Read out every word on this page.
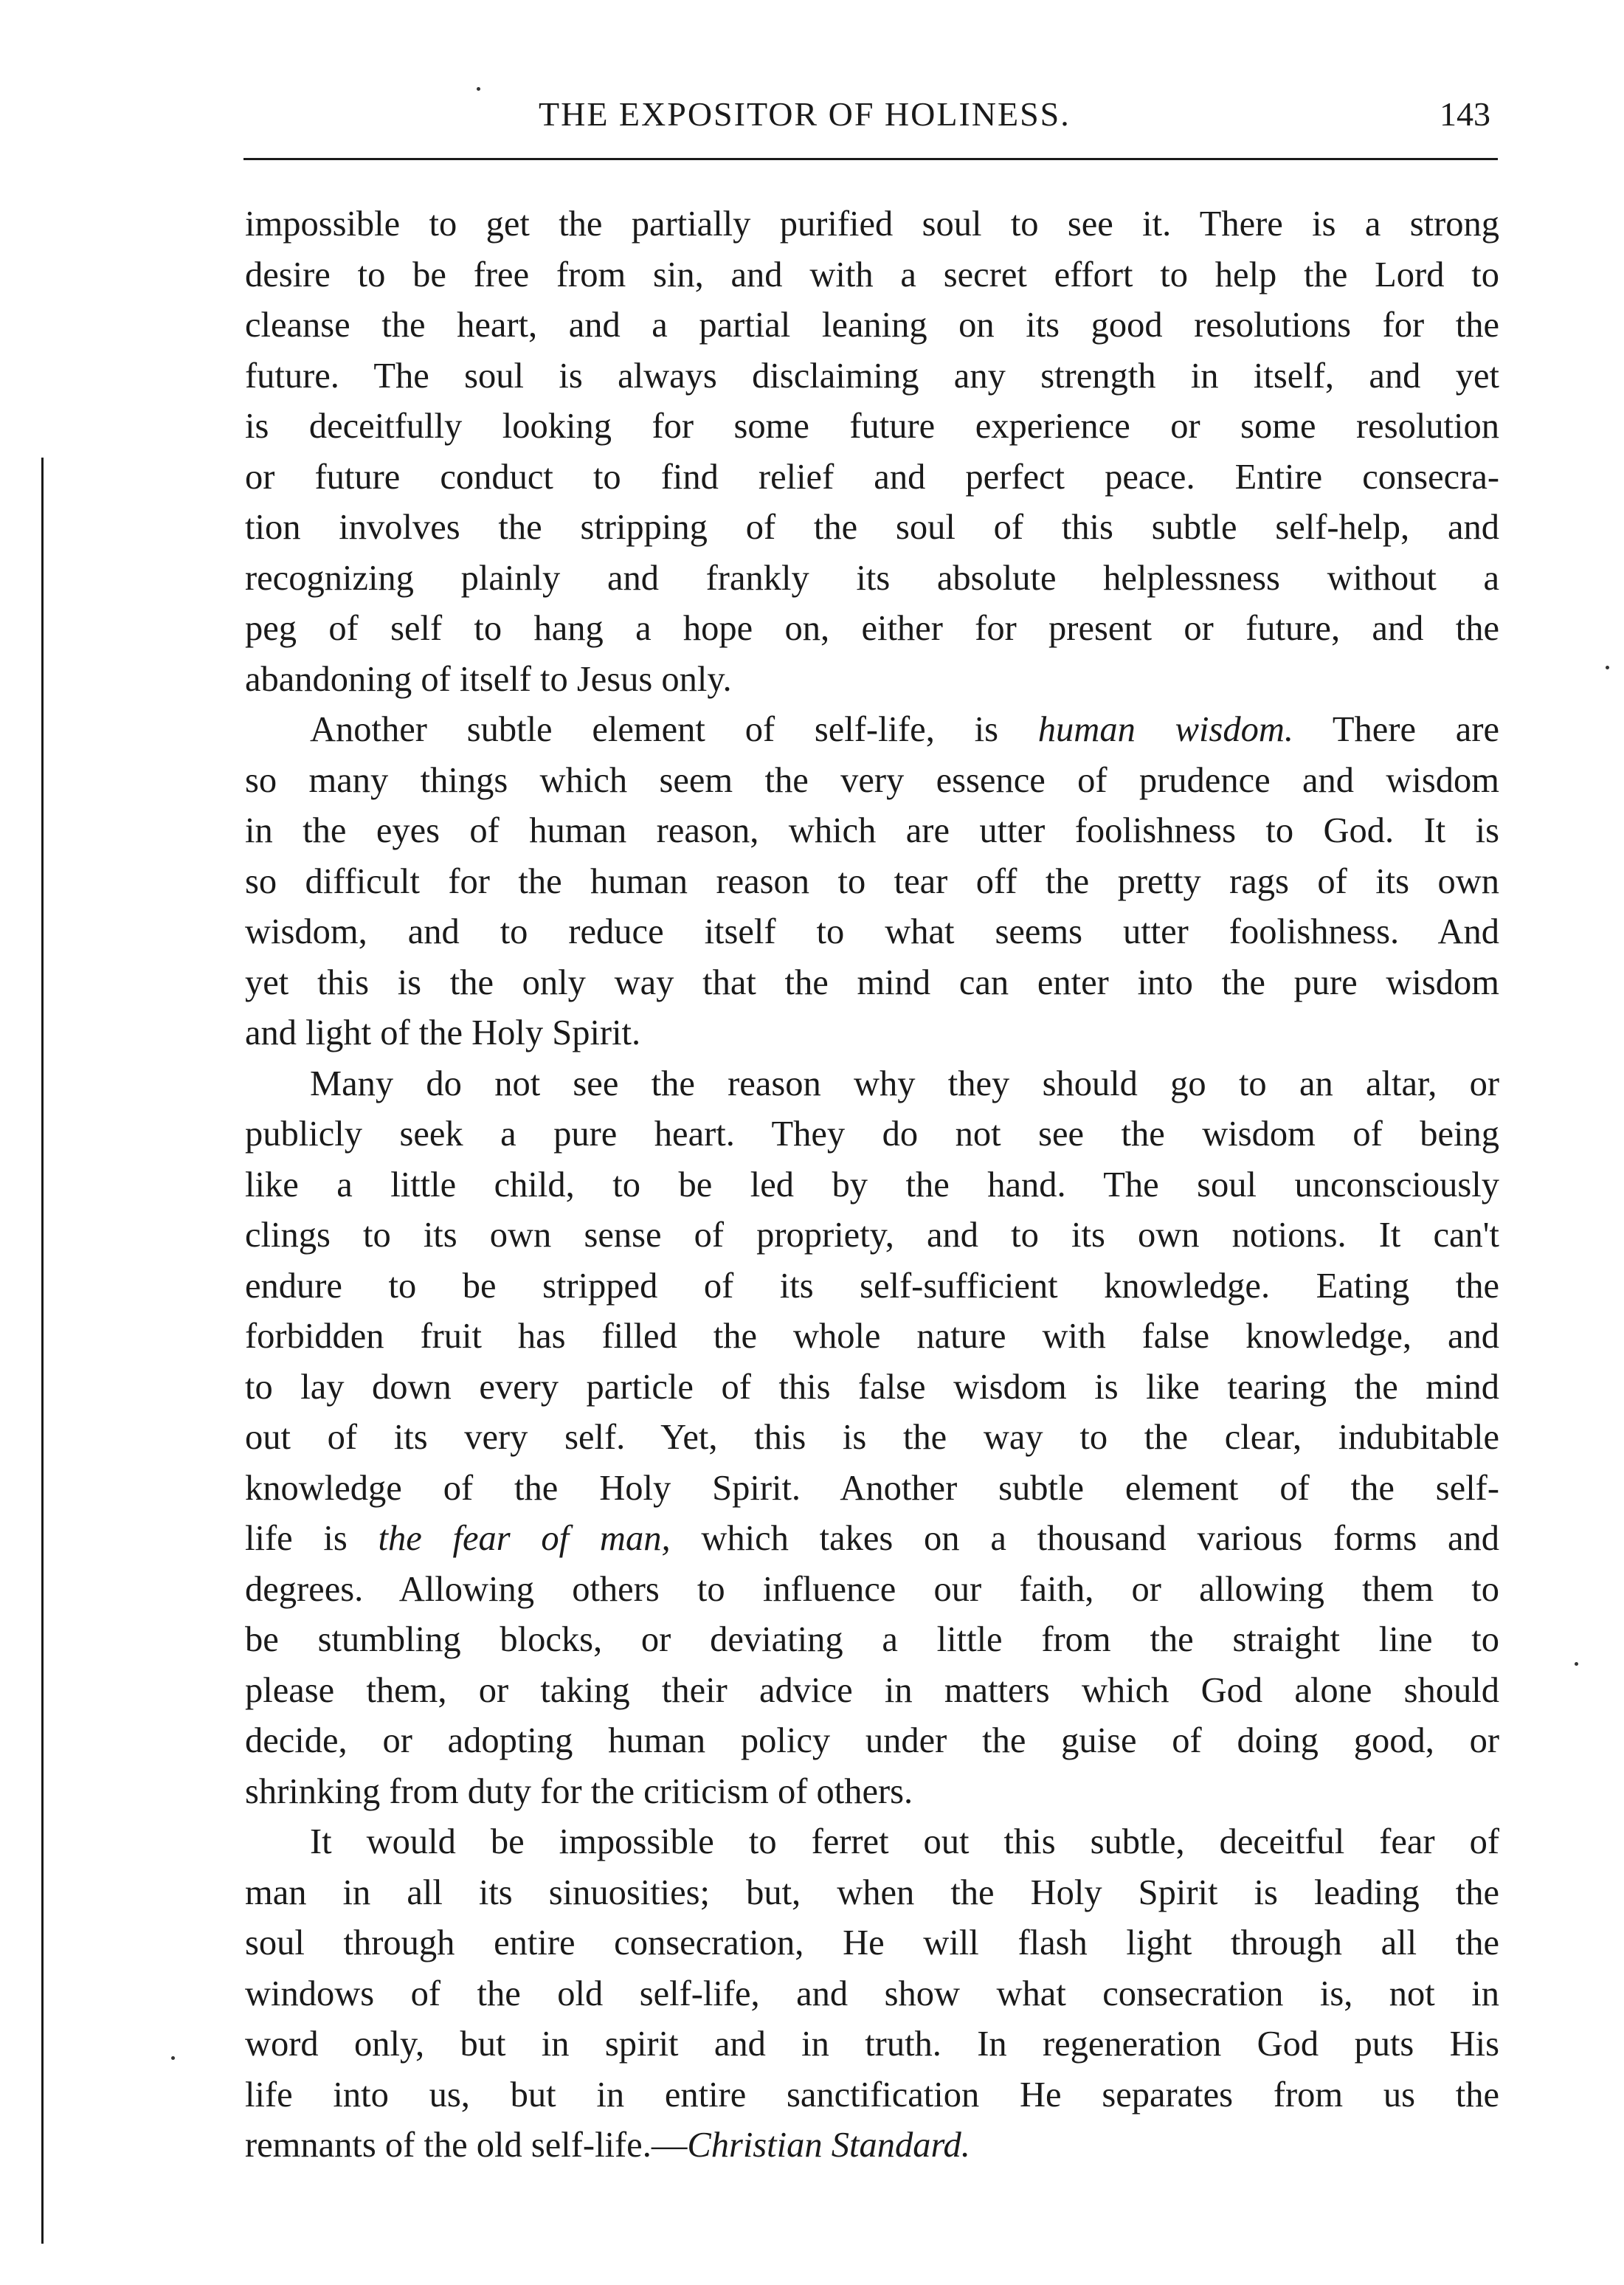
THE EXPOSITOR OF HOLINESS.	143

impossible to get the partially purified soul to see it. There is a strong
desire to be free from sin, and with a secret effort to help the Lord to
cleanse the heart, and a partial leaning on its good resolutions for the
future. The soul is always disclaiming any strength in itself, and yet
is deceitfully looking for some future experience or some resolution
or future conduct to find relief and perfect peace. Entire consecra-
tion involves the stripping of the soul of this subtle self-help, and
recognizing plainly and frankly its absolute helplessness without a
peg of self to hang a hope on, either for present or future, and the
abandoning of itself to Jesus only.

Another subtle element of self-life, is human wisdom. There are
so many things which seem the very essence of prudence and wisdom
in the eyes of human reason, which are utter foolishness to God. It is
so difficult for the human reason to tear off the pretty rags of its own
wisdom, and to reduce itself to what seems utter foolishness. And
yet this is the only way that the mind can enter into the pure wisdom
and light of the Holy Spirit.

Many do not see the reason why they should go to an altar, or
publicly seek a pure heart. They do not see the wisdom of being
like a little child, to be led by the hand. The soul unconsciously
clings to its own sense of propriety, and to its own notions. It can't
endure to be stripped of its self-sufficient knowledge. Eating the
forbidden fruit has filled the whole nature with false knowledge, and
to lay down every particle of this false wisdom is like tearing the mind
out of its very self. Yet, this is the way to the clear, indubitable
knowledge of the Holy Spirit. Another subtle element of the self-
life is the fear of man, which takes on a thousand various forms and
degrees. Allowing others to influence our faith, or allowing them to
be stumbling blocks, or deviating a little from the straight line to
please them, or taking their advice in matters which God alone should
decide, or adopting human policy under the guise of doing good, or
shrinking from duty for the criticism of others.

It would be impossible to ferret out this subtle, deceitful fear of
man in all its sinuosities; but, when the Holy Spirit is leading the
soul through entire consecration, He will flash light through all the
windows of the old self-life, and show what consecration is, not in
word only, but in spirit and in truth. In regeneration God puts His
life into us, but in entire sanctification He separates from us the
remnants of the old self-life.—Christian Standard.
